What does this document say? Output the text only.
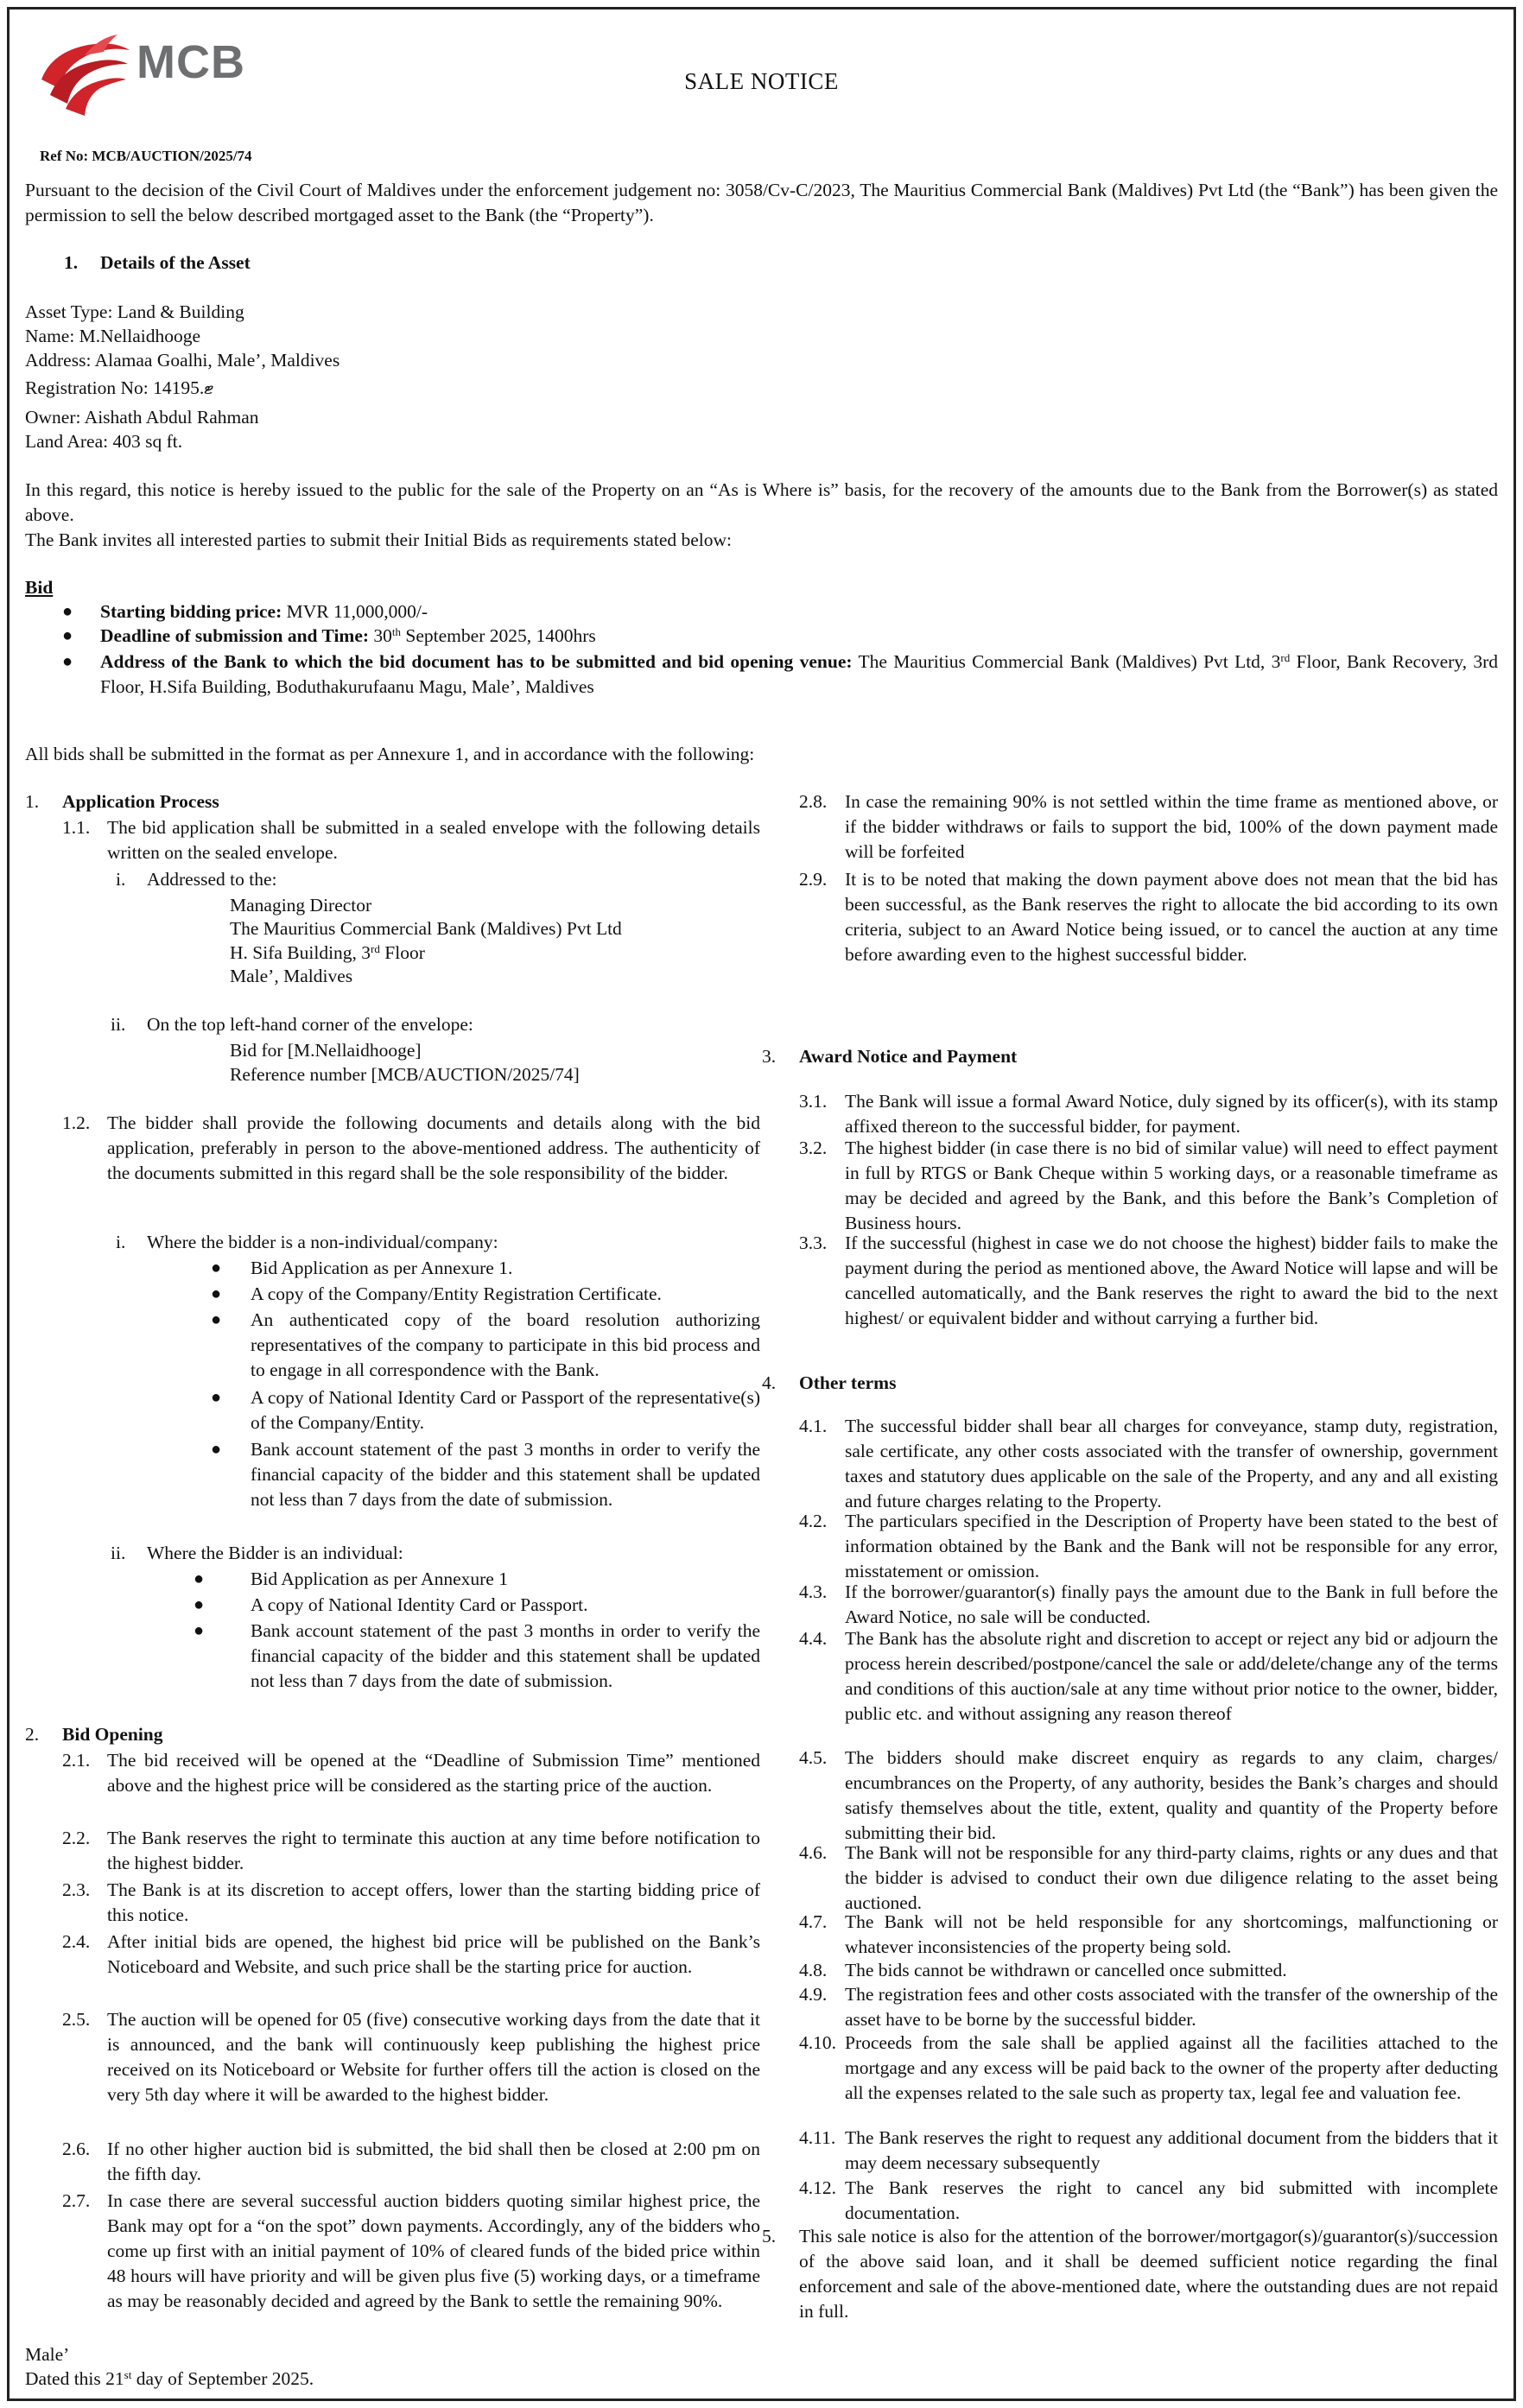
MCB	SALE NOTICE
Ref No: MCB/AUCTION/2025/74

Pursuant to the decision of the Civil Court of Maldives under the enforcement judgement no: 3058/Cv-C/2023, The Mauritius Commercial Bank (Maldives) Pvt Ltd (the “Bank”) has been given the permission to sell the below described mortgaged asset to the Bank (the “Property”).

1. Details of the Asset
Asset Type: Land & Building
Name: M.Nellaidhooge
Address: Alamaa Goalhi, Male’, Maldives
Registration No: 14195.ޓ
Owner: Aishath Abdul Rahman
Land Area: 403 sq ft.

In this regard, this notice is hereby issued to the public for the sale of the Property on an “As is Where is” basis, for the recovery of the amounts due to the Bank from the Borrower(s) as stated above.

The Bank invites all interested parties to submit their Initial Bids as requirements stated below:
Bid
● Starting bidding price: MVR 11,000,000/-
● Deadline of submission and Time: 30th September 2025, 1400hrs
● Address of the Bank to which the bid document has to be submitted and bid opening venue: The Mauritius Commercial Bank (Maldives) Pvt Ltd, 3rd Floor, Bank Recovery, 3rd Floor, H.Sifa Building, Boduthakurufaanu Magu, Male’, Maldives

All bids shall be submitted in the format as per Annexure 1, and in accordance with the following:
1. Application Process
1.1. The bid application shall be submitted in a sealed envelope with the following details written on the sealed envelope.

i. Addressed to the:
Managing Director
The Mauritius Commercial Bank (Maldives) Pvt Ltd
H. Sifa Building, 3rd Floor
Male’, Maldives
ii. On the top left-hand corner of the envelope:
Bid for [M.Nellaidhooge]
Reference number [MCB/AUCTION/2025/74]
1.2. The bidder shall provide the following documents and details along with the bid application, preferably in person to the above-mentioned address. The authenticity of the documents submitted in this regard shall be the sole responsibility of the bidder.

i. Where the bidder is a non-individual/company:
● Bid Application as per Annexure 1.

● A copy of the Company/Entity Registration Certificate.

● An authenticated copy of the board resolution authorizing representatives of the company to participate in this bid process and to engage in all correspondence with the Bank.

● A copy of National Identity Card or Passport of the representative(s) of the Company/Entity.

● Bank account statement of the past 3 months in order to verify the financial capacity of the bidder and this statement shall be updated not less than 7 days from the date of submission.

ii. Where the Bidder is an individual:
●	Bid Application as per Annexure 1

●	A copy of National Identity Card or Passport.

●	Bank account statement of the past 3 months in order to verify the financial capacity of the bidder and this statement shall be updated not less than 7 days from the date of submission.

2. Bid Opening
2.1. The bid received will be opened at the “Deadline of Submission Time” mentioned above and the highest price will be considered as the starting price of the auction.

2.2. The Bank reserves the right to terminate this auction at any time before notification to the highest bidder.

2.3. The Bank is at its discretion to accept offers, lower than the starting bidding price of this notice.

2.4. After initial bids are opened, the highest bid price will be published on the Bank’s Noticeboard and Website, and such price shall be the starting price for auction.

2.5. The auction will be opened for 05 (five) consecutive working days from the date that it is announced, and the bank will continuously keep publishing the highest price received on its Noticeboard or Website for further offers till the action is closed on the very 5th day where it will be awarded to the highest bidder.

2.6. If no other higher auction bid is submitted, the bid shall then be closed at 2:00 pm on the fifth day.

2.7. In case there are several successful auction bidders quoting similar highest price, the Bank may opt for a “on the spot” down payments. Accordingly, any of the bidders who come up first with an initial payment of 10% of cleared funds of the bided price within 48 hours will have priority and will be given plus five (5) working days, or a timeframe as may be reasonably decided and agreed by the Bank to settle the remaining 90%.

Male’
Dated this 21st day of September 2025.
2.8. In case the remaining 90% is not settled within the time frame as mentioned above, or if the bidder withdraws or fails to support the bid, 100% of the down payment made will be forfeited

2.9. It is to be noted that making the down payment above does not mean that the bid has been successful, as the Bank reserves the right to allocate the bid according to its own criteria, subject to an Award Notice being issued, or to cancel the auction at any time before awarding even to the highest successful bidder.

3. Award Notice and Payment
3.1. The Bank will issue a formal Award Notice, duly signed by its officer(s), with its stamp affixed thereon to the successful bidder, for payment.

3.2. The highest bidder (in case there is no bid of similar value) will need to effect payment in full by RTGS or Bank Cheque within 5 working days, or a reasonable timeframe as may be decided and agreed by the Bank, and this before the Bank’s Completion of Business hours.

3.3. If the successful (highest in case we do not choose the highest) bidder fails to make the payment during the period as mentioned above, the Award Notice will lapse and will be cancelled automatically, and the Bank reserves the right to award the bid to the next highest/ or equivalent bidder and without carrying a further bid.

4. Other terms
4.1. The successful bidder shall bear all charges for conveyance, stamp duty, registration, sale certificate, any other costs associated with the transfer of ownership, government taxes and statutory dues applicable on the sale of the Property, and any and all existing and future charges relating to the Property.

4.2. The particulars specified in the Description of Property have been stated to the best of information obtained by the Bank and the Bank will not be responsible for any error, misstatement or omission.

4.3. If the borrower/guarantor(s) finally pays the amount due to the Bank in full before the Award Notice, no sale will be conducted.

4.4. The Bank has the absolute right and discretion to accept or reject any bid or adjourn the process herein described/postpone/cancel the sale or add/delete/change any of the terms and conditions of this auction/sale at any time without prior notice to the owner, bidder, public etc. and without assigning any reason thereof

4.5. The bidders should make discreet enquiry as regards to any claim, charges/ encumbrances on the Property, of any authority, besides the Bank’s charges and should satisfy themselves about the title, extent, quality and quantity of the Property before submitting their bid.

4.6. The Bank will not be responsible for any third-party claims, rights or any dues and that the bidder is advised to conduct their own due diligence relating to the asset being auctioned.

4.7. The Bank will not be held responsible for any shortcomings, malfunctioning or whatever inconsistencies of the property being sold.

4.8. The bids cannot be withdrawn or cancelled once submitted.

4.9. The registration fees and other costs associated with the transfer of the ownership of the asset have to be borne by the successful bidder.

4.10. Proceeds from the sale shall be applied against all the facilities attached to the mortgage and any excess will be paid back to the owner of the property after deducting all the expenses related to the sale such as property tax, legal fee and valuation fee.

4.11. The Bank reserves the right to request any additional document from the bidders that it may deem necessary subsequently

4.12. The Bank reserves the right to cancel any bid submitted with incomplete documentation.

5. This sale notice is also for the attention of the borrower/mortgagor(s)/guarantor(s)/succession of the above said loan, and it shall be deemed sufficient notice regarding the final enforcement and sale of the above-mentioned date, where the outstanding dues are not repaid in full.
